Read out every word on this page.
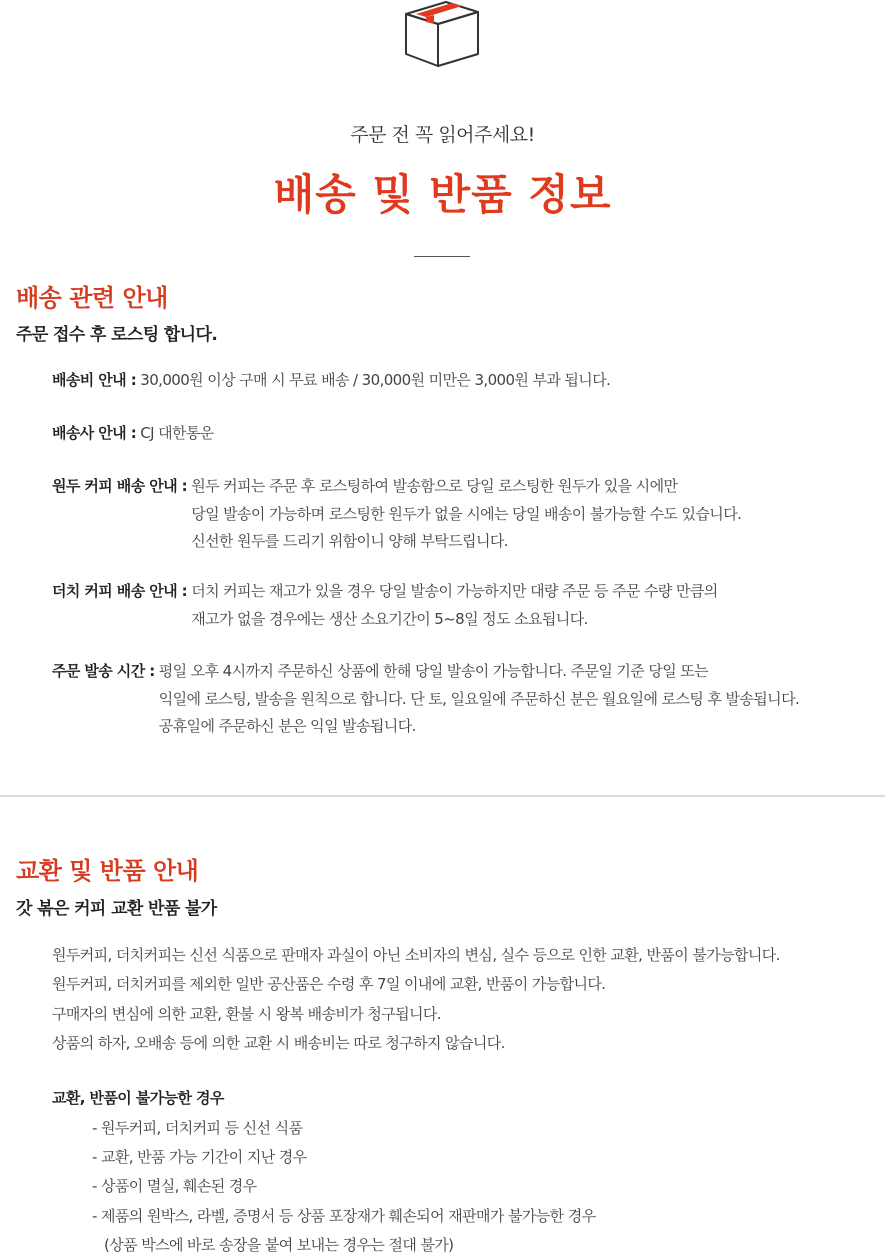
주문 전 꼭 읽어주세요!
배송 및 반품 정보
배송 관련 안내
주문 접수 후 로스팅 합니다.
배송비 안내 :
30,000원 이상 구매 시 무료 배송 / 30,000원 미만은 3,000원 부과 됩니다.
배송사 안내 :
CJ 대한통운
원두 커피 배송 안내 :
원두 커피는 주문 후 로스팅하여 발송함으로 당일 로스팅한 원두가 있을 시에만
당일 발송이 가능하며 로스팅한 원두가 없을 시에는 당일 배송이 불가능할 수도 있습니다.
신선한 원두를 드리기 위함이니 양해 부탁드립니다.
더치 커피 배송 안내 :
더치 커피는 재고가 있을 경우 당일 발송이 가능하지만 대량 주문 등 주문 수량 만큼의
재고가 없을 경우에는 생산 소요기간이 5~8일 정도 소요됩니다.
주문 발송 시간 :
평일 오후 4시까지 주문하신 상품에 한해 당일 발송이 가능합니다. 주문일 기준 당일 또는
익일에 로스팅, 발송을 원칙으로 합니다. 단 토, 일요일에 주문하신 분은 월요일에 로스팅 후 발송됩니다.
공휴일에 주문하신 분은 익일 발송됩니다.
교환 및 반품 안내
갓 볶은 커피 교환 반품 불가
원두커피, 더치커피는 신선 식품으로 판매자 과실이 아닌 소비자의 변심, 실수 등으로 인한 교환, 반품이 불가능합니다.
원두커피, 더치커피를 제외한 일반 공산품은 수령 후 7일 이내에 교환, 반품이 가능합니다.
구매자의 변심에 의한 교환, 환불 시 왕복 배송비가 청구됩니다.
상품의 하자, 오배송 등에 의한 교환 시 배송비는 따로 청구하지 않습니다.
교환, 반품이 불가능한 경우
- 원두커피, 더치커피 등 신선 식품
- 교환, 반품 가능 기간이 지난 경우
- 상품이 멸실, 훼손된 경우
- 제품의 원박스, 라벨, 증명서 등 상품 포장재가 훼손되어 재판매가 불가능한 경우
(상품 박스에 바로 송장을 붙여 보내는 경우는 절대 불가)
